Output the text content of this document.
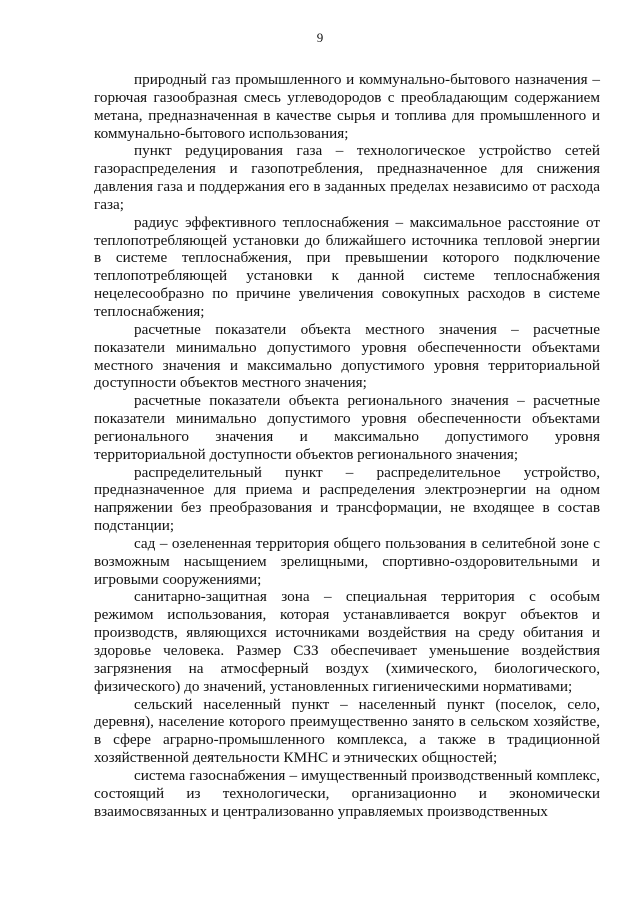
9

природный газ промышленного и коммунально-бытового назначения – горючая газообразная смесь углеводородов с преобладающим содержанием метана, предназначенная в качестве сырья и топлива для промышленного и коммунально-бытового использования;

пункт редуцирования газа – технологическое устройство сетей газораспределения и газопотребления, предназначенное для снижения давления газа и поддержания его в заданных пределах независимо от расхода газа;

радиус эффективного теплоснабжения – максимальное расстояние от теплопотребляющей установки до ближайшего источника тепловой энергии в системе теплоснабжения, при превышении которого подключение теплопотребляющей установки к данной системе теплоснабжения нецелесообразно по причине увеличения совокупных расходов в системе теплоснабжения;

расчетные показатели объекта местного значения – расчетные показатели минимально допустимого уровня обеспеченности объектами местного значения и максимально допустимого уровня территориальной доступности объектов местного значения;

расчетные показатели объекта регионального значения – расчетные показатели минимально допустимого уровня обеспеченности объектами регионального значения и максимально допустимого уровня территориальной доступности объектов регионального значения;

распределительный пункт – распределительное устройство, предназначенное для приема и распределения электроэнергии на одном напряжении без преобразования и трансформации, не входящее в состав подстанции;

сад – озелененная территория общего пользования в селитебной зоне с возможным насыщением зрелищными, спортивно-оздоровительными и игровыми сооружениями;

санитарно-защитная зона – специальная территория с особым режимом использования, которая устанавливается вокруг объектов и производств, являющихся источниками воздействия на среду обитания и здоровье человека. Размер СЗЗ обеспечивает уменьшение воздействия загрязнения на атмосферный воздух (химического, биологического, физического) до значений, установленных гигиеническими нормативами;

сельский населенный пункт – населенный пункт (поселок, село, деревня), население которого преимущественно занято в сельском хозяйстве, в сфере аграрно-промышленного комплекса, а также в традиционной хозяйственной деятельности КМНС и этнических общностей;

система газоснабжения – имущественный производственный комплекс, состоящий из технологически, организационно и экономически взаимосвязанных и централизованно управляемых производственных
